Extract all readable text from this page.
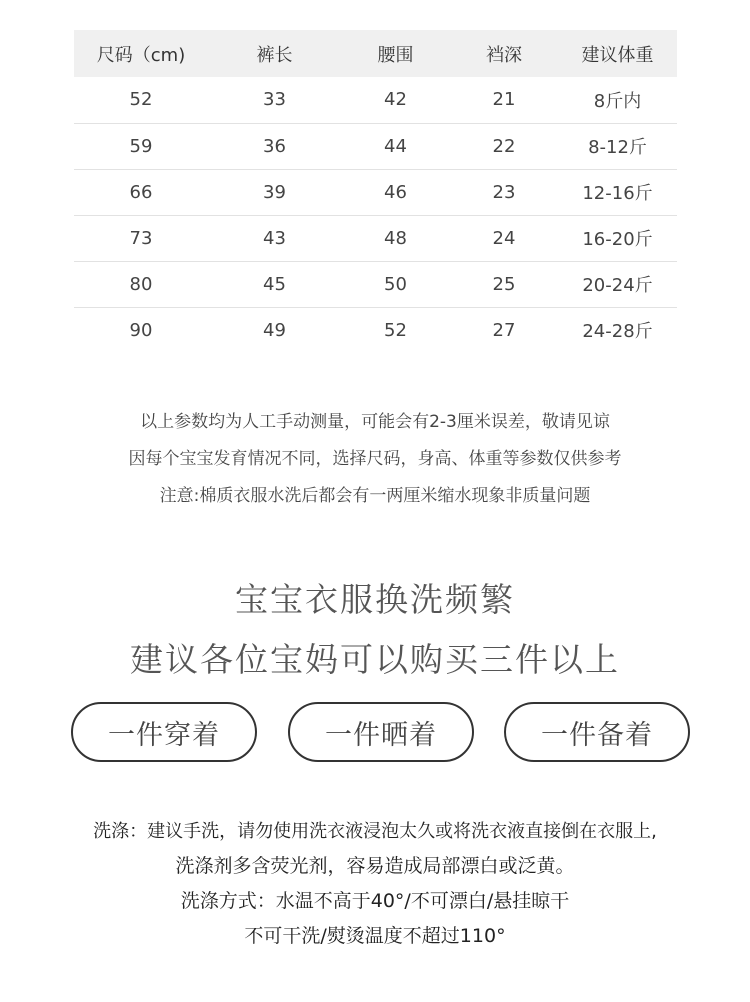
尺码（cm)	裤长	腰围	裆深	建议体重
52	33	42	21	8斤内
59	36	44	22	8-12斤
66	39	46	23	12-16斤
73	43	48	24	16-20斤
80	45	50	25	20-24斤
90	49	52	27	24-28斤

以上参数均为人工手动测量，可能会有2-3厘米误差，敬请见谅

因每个宝宝发育情况不同，选择尺码，身高、体重等参数仅供参考

注意:棉质衣服水洗后都会有一两厘米缩水现象非质量问题

宝宝衣服换洗频繁
建议各位宝妈可以购买三件以上
一件穿着	一件晒着	一件备着

洗涤：建议手洗，请勿使用洗衣液浸泡太久或将洗衣液直接倒在衣服上,

洗涤剂多含荧光剂，容易造成局部漂白或泛黄。

洗涤方式：水温不高于40°/不可漂白/悬挂晾干

不可干洗/熨烫温度不超过110°
